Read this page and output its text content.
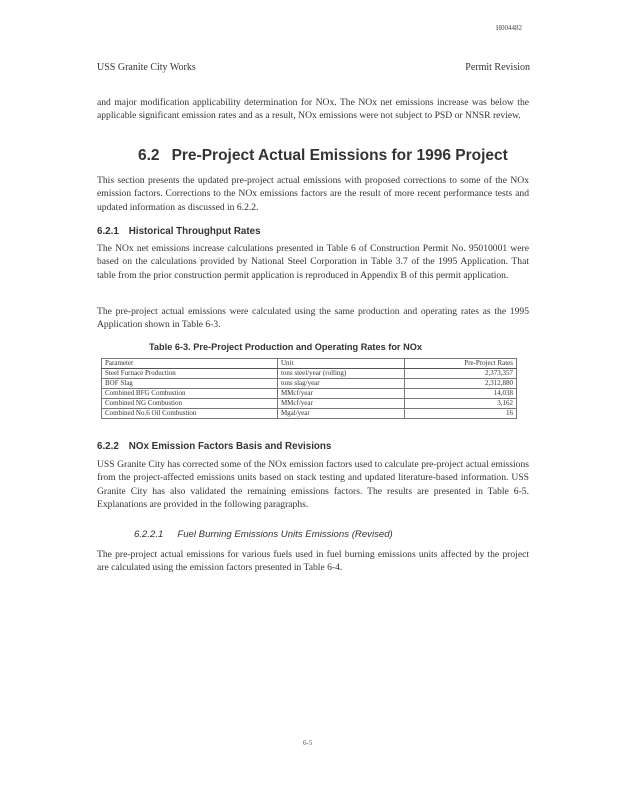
H004482
USS Granite City Works	Permit Revision
and major modification applicability determination for NOx. The NOx net emissions increase was below the applicable significant emission rates and as a result, NOx emissions were not subject to PSD or NNSR review.
6.2 Pre-Project Actual Emissions for 1996 Project
This section presents the updated pre-project actual emissions with proposed corrections to some of the NOx emission factors. Corrections to the NOx emissions factors are the result of more recent performance tests and updated information as discussed in 6.2.2.
6.2.1 Historical Throughput Rates
The NOx net emissions increase calculations presented in Table 6 of Construction Permit No. 95010001 were based on the calculations provided by National Steel Corporation in Table 3.7 of the 1995 Application. That table from the prior construction permit application is reproduced in Appendix B of this permit application.
The pre-project actual emissions were calculated using the same production and operating rates as the 1995 Application shown in Table 6-3.
Table 6-3. Pre-Project Production and Operating Rates for NOx
Parameter	Unit	Pre-Project Rates
Steel Furnace Production	tons steel/year (rolling)	2,373,357
BOF Slag	tons slag/year	2,312,880
Combined BFG Combustion	MMcf/year	14,038
Combined NG Combustion	MMcf/year	3,162
Combined No.6 Oil Combustion	Mgal/year	16
6.2.2 NOx Emission Factors Basis and Revisions
USS Granite City has corrected some of the NOx emission factors used to calculate pre-project actual emissions from the project-affected emissions units based on stack testing and updated literature-based information. USS Granite City has also validated the remaining emissions factors. The results are presented in Table 6-5. Explanations are provided in the following paragraphs.
6.2.2.1 Fuel Burning Emissions Units Emissions (Revised)
The pre-project actual emissions for various fuels used in fuel burning emissions units affected by the project are calculated using the emission factors presented in Table 6-4.
6-5
